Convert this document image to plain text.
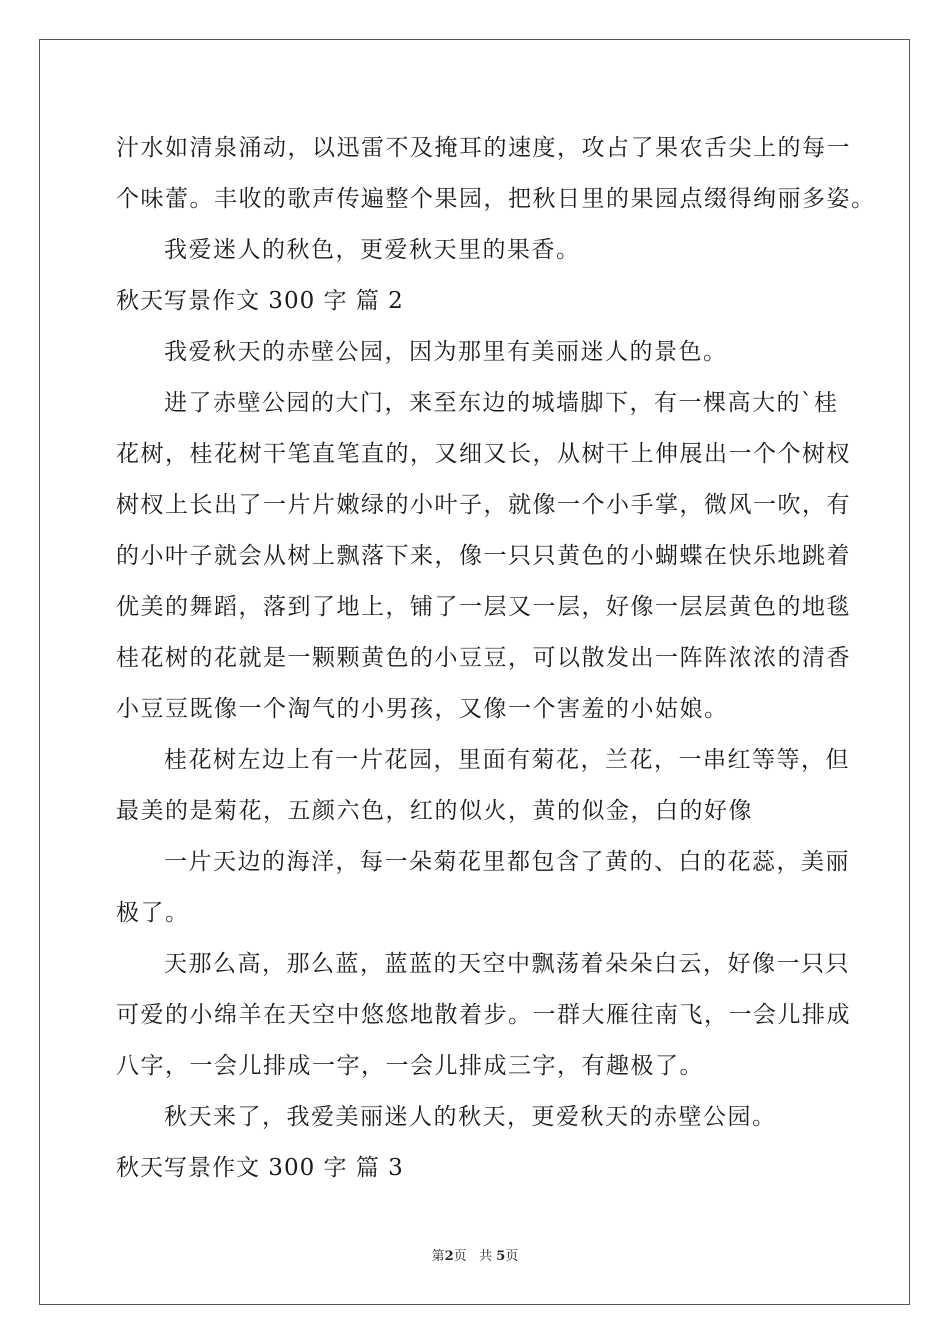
汁水如清泉涌动，以迅雷不及掩耳的速度，攻占了果农舌尖上的每一
个味蕾。丰收的歌声传遍整个果园，把秋日里的果园点缀得绚丽多姿。
我爱迷人的秋色，更爱秋天里的果香。
秋天写景作文 300 字 篇 2
我爱秋天的赤壁公园，因为那里有美丽迷人的景色。
进了赤壁公园的大门，来至东边的城墙脚下，有一棵高大的`桂
花树，桂花树干笔直笔直的，又细又长，从树干上伸展出一个个树杈
树杈上长出了一片片嫩绿的小叶子，就像一个小手掌，微风一吹，有
的小叶子就会从树上飘落下来，像一只只黄色的小蝴蝶在快乐地跳着
优美的舞蹈，落到了地上，铺了一层又一层，好像一层层黄色的地毯
桂花树的花就是一颗颗黄色的小豆豆，可以散发出一阵阵浓浓的清香
小豆豆既像一个淘气的小男孩，又像一个害羞的小姑娘。
桂花树左边上有一片花园，里面有菊花，兰花，一串红等等，但
最美的是菊花，五颜六色，红的似火，黄的似金，白的好像
一片天边的海洋，每一朵菊花里都包含了黄的、白的花蕊，美丽
极了。
天那么高，那么蓝，蓝蓝的天空中飘荡着朵朵白云，好像一只只
可爱的小绵羊在天空中悠悠地散着步。一群大雁往南飞，一会儿排成
八字，一会儿排成一字，一会儿排成三字，有趣极了。
秋天来了，我爱美丽迷人的秋天，更爱秋天的赤壁公园。
秋天写景作文 300 字 篇 3
第2页 共 5页
